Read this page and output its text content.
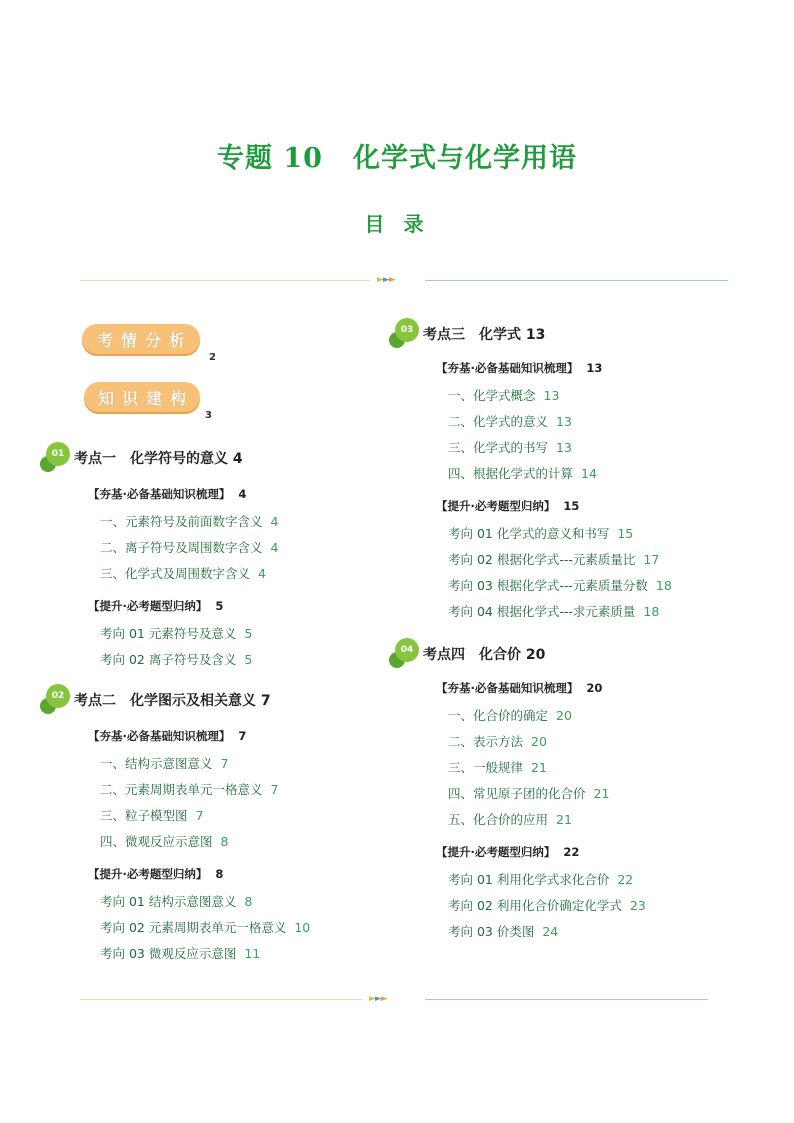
专题 10 化学式与化学用语
目 录
►►►
考情分析
2
知识建构
3
01 考点一　化学符号的意义 4
【夯基·必备基础知识梳理】 4
一、元素符号及前面数字含义 4
二、离子符号及周围数字含义 4
三、化学式及周围数字含义 4
【提升·必考题型归纳】 5
考向 01 元素符号及意义 5
考向 02 离子符号及含义 5
02 考点二　化学图示及相关意义 7
【夯基·必备基础知识梳理】 7
一、结构示意图意义 7
二、元素周期表单元一格意义 7
三、粒子模型图 7
四、微观反应示意图 8
【提升·必考题型归纳】 8
考向 01 结构示意图意义 8
考向 02 元素周期表单元一格意义 10
考向 03 微观反应示意图 11
03 考点三　化学式 13
【夯基·必备基础知识梳理】 13
一、化学式概念 13
二、化学式的意义 13
三、化学式的书写 13
四、根据化学式的计算 14
【提升·必考题型归纳】 15
考向 01 化学式的意义和书写 15
考向 02 根据化学式---元素质量比 17
考向 03 根据化学式---元素质量分数 18
考向 04 根据化学式---求元素质量 18
04 考点四　化合价 20
【夯基·必备基础知识梳理】 20
一、化合价的确定 20
二、表示方法 20
三、一般规律 21
四、常见原子团的化合价 21
五、化合价的应用 21
【提升·必考题型归纳】 22
考向 01 利用化学式求化合价 22
考向 02 利用化合价确定化学式 23
考向 03 价类图 24
►►►
